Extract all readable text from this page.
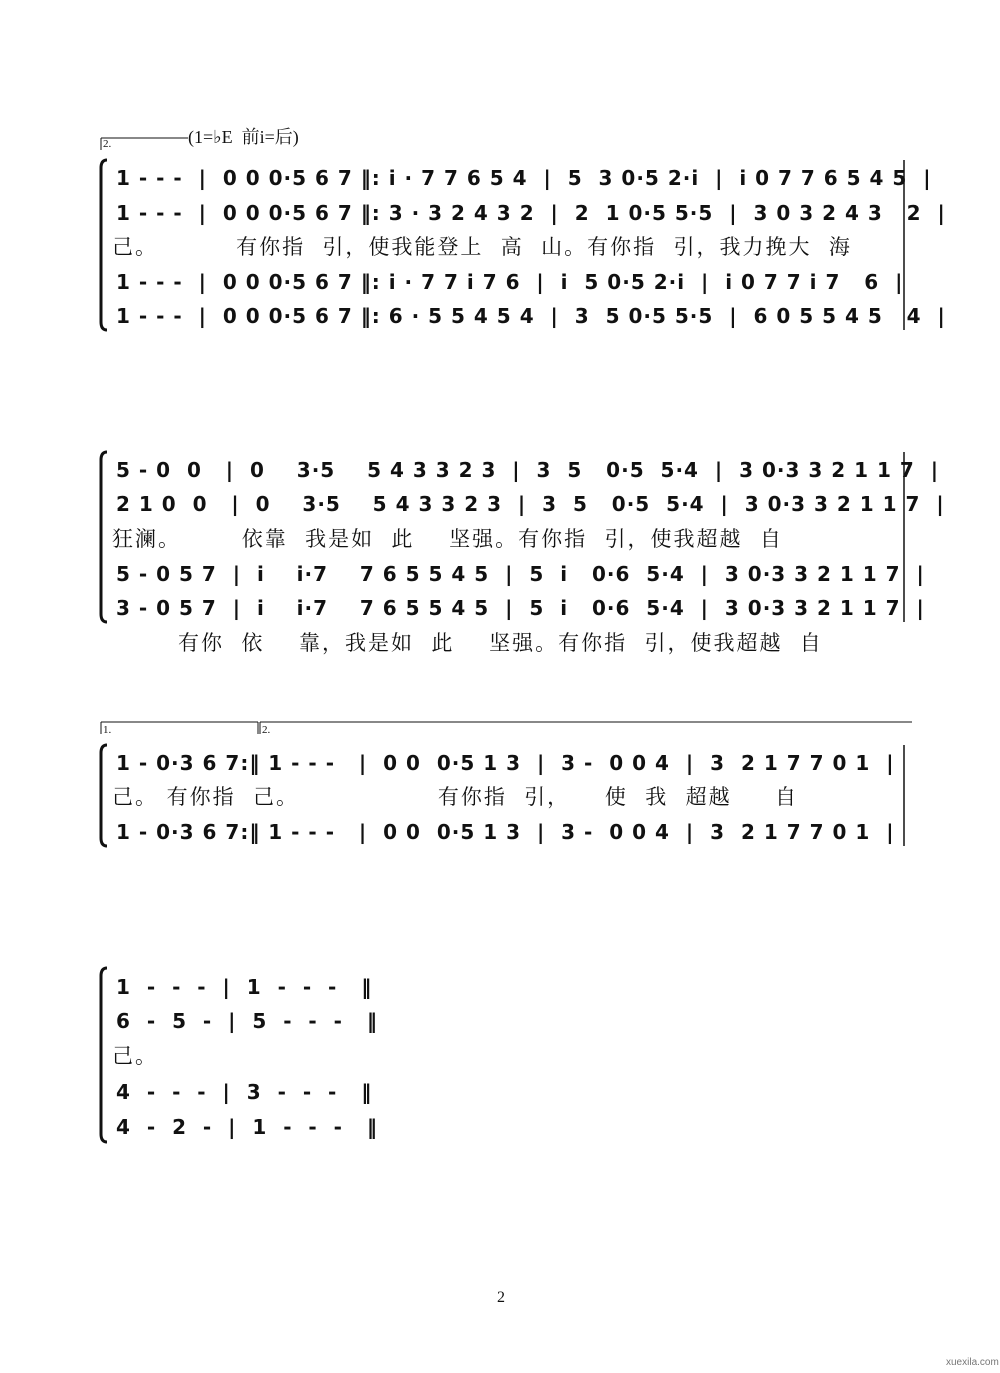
2.	(1=♭E  前i=后)
1 - - -  |  0 0 0·5 6 7 ‖: i · 7 7 6 5 4  |  5  3 0·5 2·i  |  i 0 7 7 6 5 4 5  |
1 - - -  |  0 0 0·5 6 7 ‖: 3 · 3 2 4 3 2  |  2  1 0·5 5·5  |  3 0 3 2 4 3   2  |
己。         有你指  引，使我能登上  高  山。有你指  引，我力挽大  海
1 - - -  |  0 0 0·5 6 7 ‖: i · 7 7 i 7 6  |  i  5 0·5 2·i  |  i 0 7 7 i 7   6  |
1 - - -  |  0 0 0·5 6 7 ‖: 6 · 5 5 4 5 4  |  3  5 0·5 5·5  |  6 0 5 5 4 5   4  |
5 - 0  0   |  0    3·5    5 4 3 3 2 3  |  3  5   0·5  5·4  |  3 0·3 3 2 1 1 7  |
2 1 0  0   |  0    3·5    5 4 3 3 2 3  |  3  5   0·5  5·4  |  3 0·3 3 2 1 1 7  |
狂澜。       依靠  我是如  此    坚强。有你指  引，使我超越  自
5 - 0 5 7  |  i    i·7    7 6 5 5 4 5  |  5  i   0·6  5·4  |  3 0·3 3 2 1 1 7  |
3 - 0 5 7  |  i    i·7    7 6 5 5 4 5  |  5  i   0·6  5·4  |  3 0·3 3 2 1 1 7  |
有你  依    靠，我是如  此    坚强。有你指  引，使我超越  自
1.	2.
1 - 0·3 6 7:‖ 1 - - -   |  0 0  0·5 1 3  |  3 -  0 0 4  |  3  2 1 7 7 0 1  |
己。 有你指  己。                有你指  引，    使  我  超越     自
1 - 0·3 6 7:‖ 1 - - -   |  0 0  0·5 1 3  |  3 -  0 0 4  |  3  2 1 7 7 0 1  |
1  -  -  -  |  1  -  -  -   ‖
6  -  5  -  |  5  -  -  -   ‖
己。
4  -  -  -  |  3  -  -  -   ‖
4  -  2  -  |  1  -  -  -   ‖
2
xuexila.com
